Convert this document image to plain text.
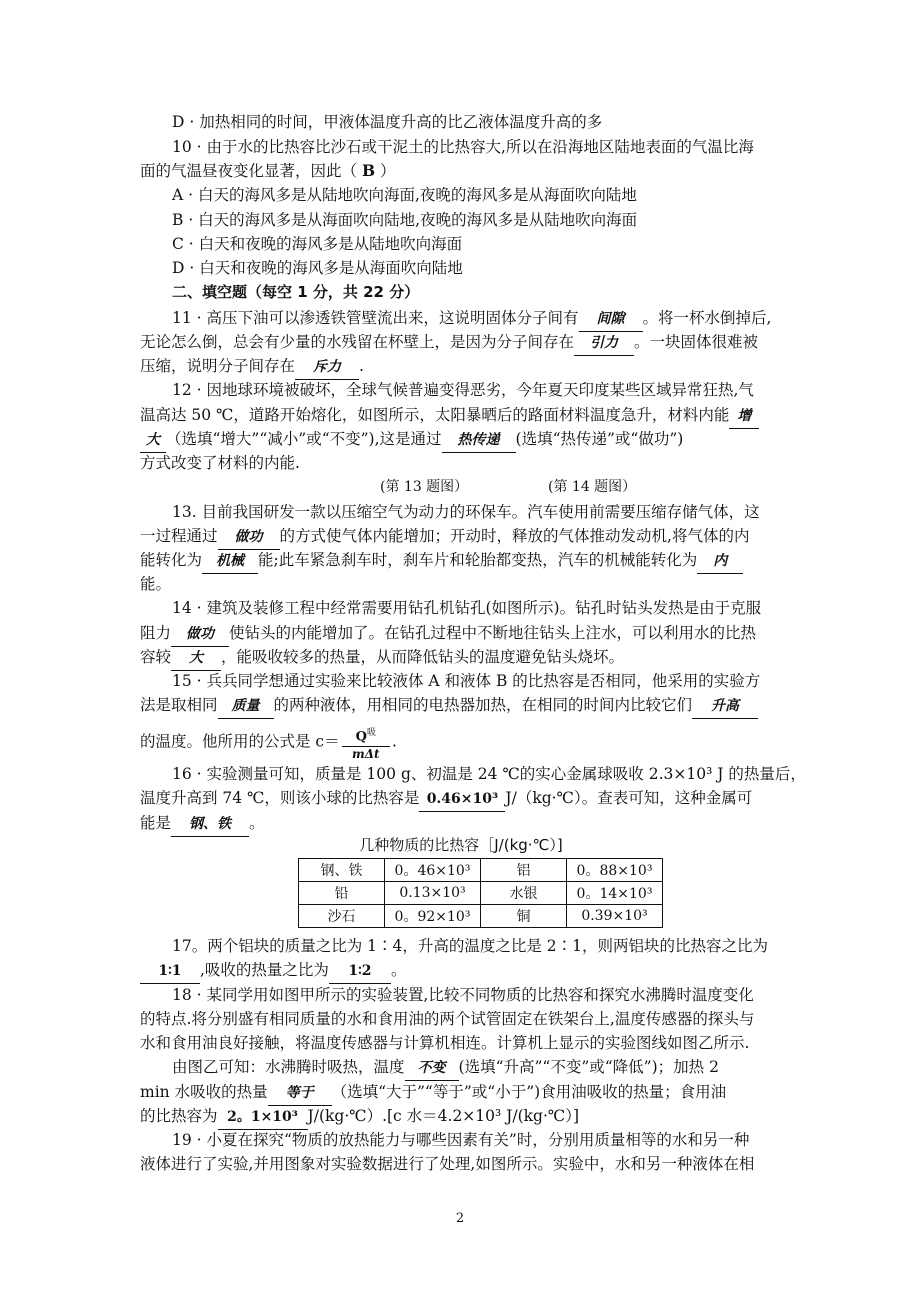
D · 加热相同的时间，甲液体温度升高的比乙液体温度升高的多
10 · 由于水的比热容比沙石或干泥土的比热容大,所以在沿海地区陆地表面的气温比海
面的气温昼夜变化显著，因此（ B ）
A · 白天的海风多是从陆地吹向海面,夜晚的海风多是从海面吹向陆地
B · 白天的海风多是从海面吹向陆地,夜晚的海风多是从陆地吹向海面
C · 白天和夜晚的海风多是从陆地吹向海面
D · 白天和夜晚的海风多是从海面吹向陆地
二、填空题（每空 1 分，共 22 分）
11 · 高压下油可以渗透铁管壁流出来，这说明固体分子间有 间隙 。将一杯水倒掉后,
无论怎么倒，总会有少量的水残留在杯壁上，是因为分子间存在 引力 。一块固体很难被
压缩，说明分子间存在 斥力 .
12 · 因地球环境被破坏，全球气候普遍变得恶劣，今年夏天印度某些区域异常狂热,气
温高达 50 ℃，道路开始熔化，如图所示，太阳暴晒后的路面材料温度急升，材料内能 增
大 （选填“增大”“减小”或“不变”),这是通过 热传递 (选填“热传递”或“做功”)
方式改变了材料的内能.
(第 13 题图）	(第 14 题图）
13. 目前我国研发一款以压缩空气为动力的环保车。汽车使用前需要压缩存储气体，这
一过程通过 做功 的方式使气体内能增加；开动时，释放的气体推动发动机,将气体的内
能转化为 机械 能;此车紧急刹车时，刹车片和轮胎都变热，汽车的机械能转化为 内
能。
14 · 建筑及装修工程中经常需要用钻孔机钻孔(如图所示)。钻孔时钻头发热是由于克服
阻力 做功 使钻头的内能增加了。在钻孔过程中不断地往钻头上注水，可以利用水的比热
容较 大 ，能吸收较多的热量，从而降低钻头的温度避免钻头烧坏。
15 · 兵兵同学想通过实验来比较液体 A 和液体 B 的比热容是否相同，他采用的实验方
法是取相同 质量 的两种液体，用相同的电热器加热，在相同的时间内比较它们 升高
的温度。他所用的公式是 $c= \frac{Q^吸}{\text{mΔt}}$ .
16 · 实验测量可知，质量是 100 g、初温是 24 ℃的实心金属球吸收 2.3×10³ J 的热量后，
温度升高到 74 ℃，则该小球的比热容是 0.46×10³ J/（kg·℃）。查表可知，这种金属可
能是 钢、铁 。
几种物质的比热容［J/(kg·℃）]
钢、铁	0。46×10³	铝	0。88×10³
铅	0.13×10³	水银	0。14×10³
沙石	0。92×10³	铜	0.39×10³
17。两个铝块的质量之比为 1∶4，升高的温度之比是 2∶1，则两铝块的比热容之比为
1∶1 ,吸收的热量之比为 1∶2 。
18 · 某同学用如图甲所示的实验装置,比较不同物质的比热容和探究水沸腾时温度变化
的特点.将分别盛有相同质量的水和食用油的两个试管固定在铁架台上,温度传感器的探头与
水和食用油良好接触，将温度传感器与计算机相连。计算机上显示的实验图线如图乙所示.
由图乙可知：水沸腾时吸热，温度 不变 (选填“升高”“不变”或“降低”)；加热 2
min 水吸收的热量 等于 （选填“大于”“等于”或“小于”)食用油吸收的热量；食用油
的比热容为 2。1×10³ J/(kg·℃）.[c 水＝4.2×10³ J/(kg·℃）]
19 · 小夏在探究“物质的放热能力与哪些因素有关”时，分别用质量相等的水和另一种
液体进行了实验,并用图象对实验数据进行了处理,如图所示。实验中，水和另一种液体在相
2
